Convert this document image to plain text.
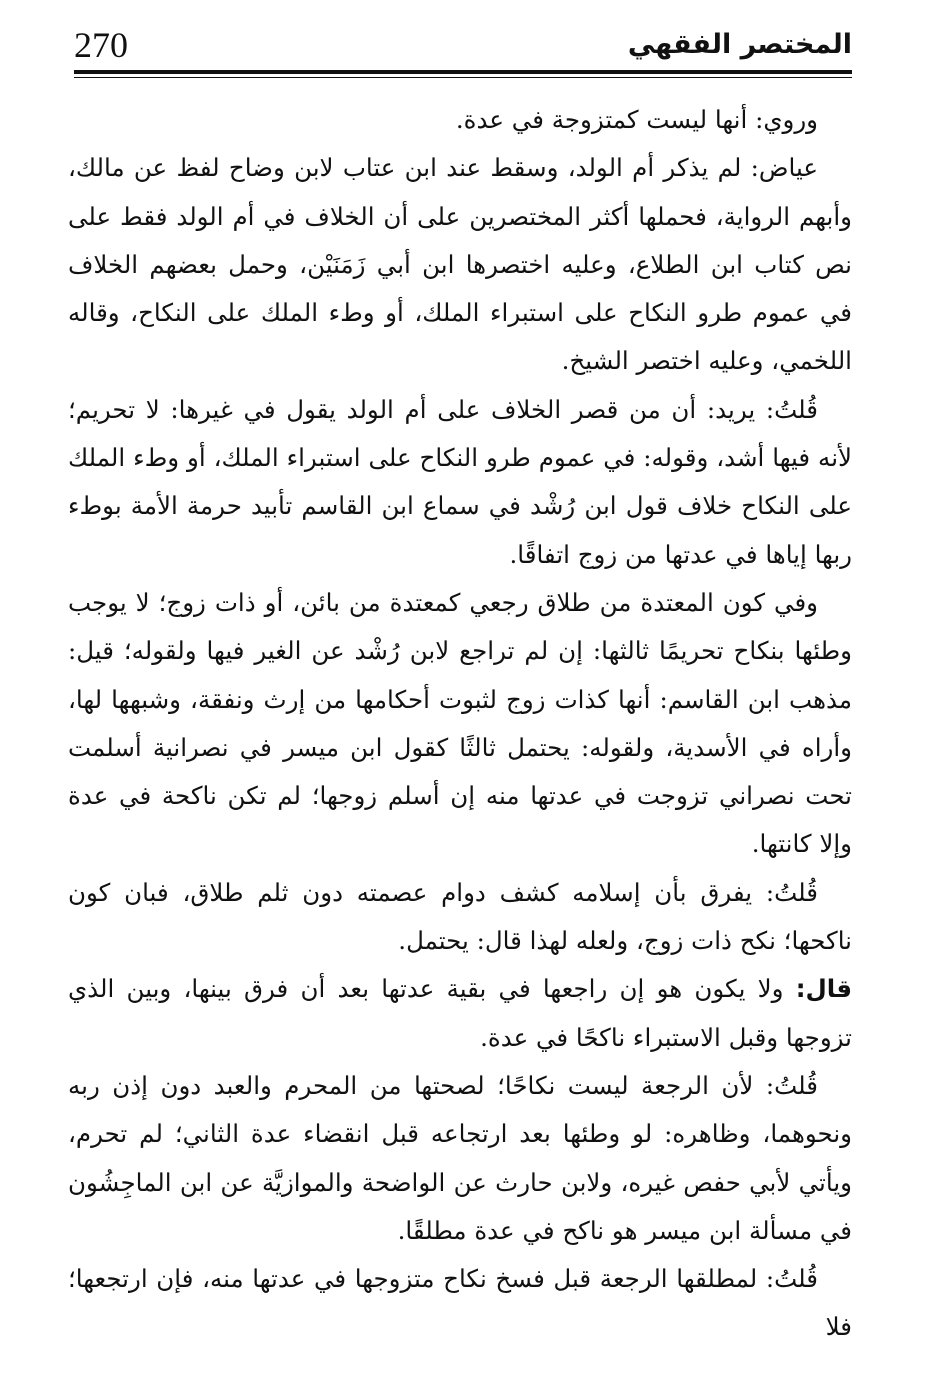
270	المختصر الفقهي

وروي: أنها ليست كمتزوجة في عدة.

عياض: لم يذكر أم الولد، وسقط عند ابن عتاب لابن وضاح لفظ عن مالك، وأبهم الرواية، فحملها أكثر المختصرين على أن الخلاف في أم الولد فقط على نص كتاب ابن الطلاع، وعليه اختصرها ابن أبي زَمَنَيْن، وحمل بعضهم الخلاف في عموم طرو النكاح على استبراء الملك، أو وطء الملك على النكاح، وقاله اللخمي، وعليه اختصر الشيخ.

قُلتُ: يريد: أن من قصر الخلاف على أم الولد يقول في غيرها: لا تحريم؛ لأنه فيها أشد، وقوله: في عموم طرو النكاح على استبراء الملك، أو وطء الملك على النكاح خلاف قول ابن رُشْد في سماع ابن القاسم تأبيد حرمة الأمة بوطء ربها إياها في عدتها من زوج اتفاقًا.

وفي كون المعتدة من طلاق رجعي كمعتدة من بائن، أو ذات زوج؛ لا يوجب وطئها بنكاح تحريمًا ثالثها: إن لم تراجع لابن رُشْد عن الغير فيها ولقوله؛ قيل: مذهب ابن القاسم: أنها كذات زوج لثبوت أحكامها من إرث ونفقة، وشبهها لها، وأراه في الأسدية، ولقوله: يحتمل ثالثًا كقول ابن ميسر في نصرانية أسلمت تحت نصراني تزوجت في عدتها منه إن أسلم زوجها؛ لم تكن ناكحة في عدة وإلا كانتها.

قُلتُ: يفرق بأن إسلامه كشف دوام عصمته دون ثلم طلاق، فبان كون ناكحها؛ نكح ذات زوج، ولعله لهذا قال: يحتمل.

قال: ولا يكون هو إن راجعها في بقية عدتها بعد أن فرق بينها، وبين الذي تزوجها وقبل الاستبراء ناكحًا في عدة.

قُلتُ: لأن الرجعة ليست نكاحًا؛ لصحتها من المحرم والعبد دون إذن ربه ونحوهما، وظاهره: لو وطئها بعد ارتجاعه قبل انقضاء عدة الثاني؛ لم تحرم، ويأتي لأبي حفص غيره، ولابن حارث عن الواضحة والموازيَّة عن ابن الماجِشُون في مسألة ابن ميسر هو ناكح في عدة مطلقًا.

قُلتُ: لمطلقها الرجعة قبل فسخ نكاح متزوجها في عدتها منه، فإن ارتجعها؛ فلا
